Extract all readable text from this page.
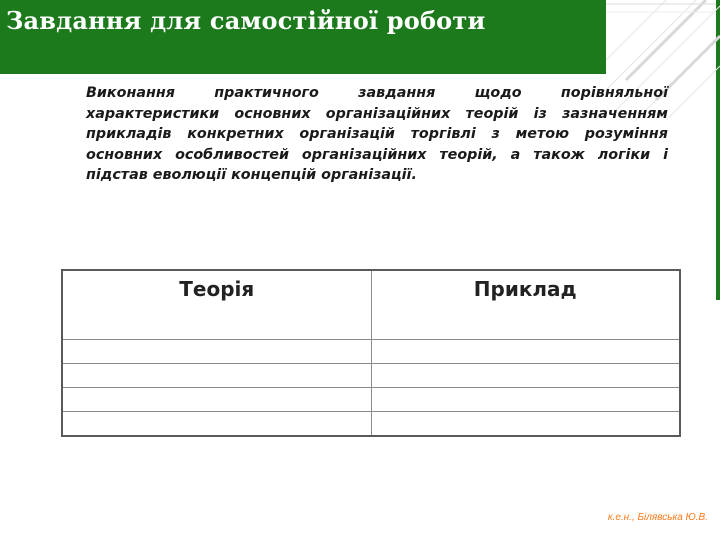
Завдання для самостійної роботи

Виконання практичного завдання щодо порівняльної характеристики основних організаційних теорій із зазначенням прикладів конкретних організацій торгівлі з метою розуміння основних особливостей організаційних теорій, а також логіки і підстав еволюції концепцій організації.

Теорія	Приклад

к.е.н., Білявська Ю.В.
